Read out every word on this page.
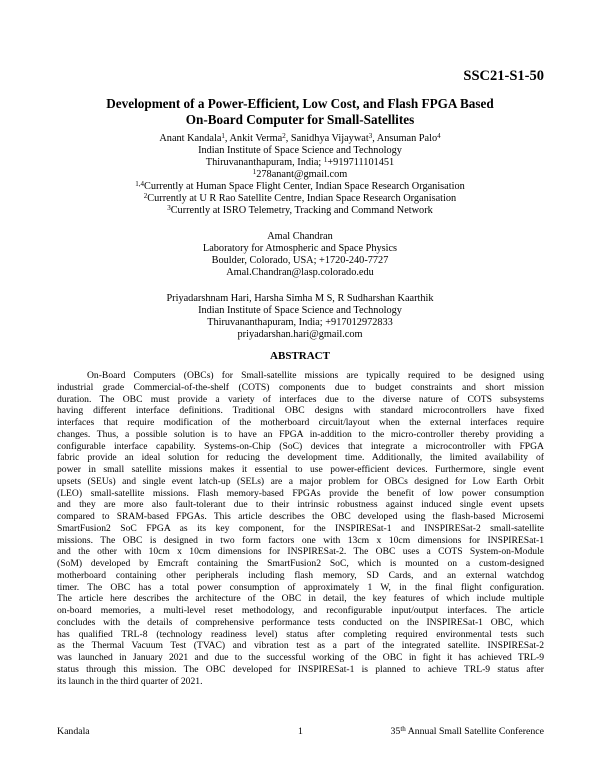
SSC21-S1-50
Development of a Power-Efficient, Low Cost, and Flash FPGA Based
On-Board Computer for Small-Satellites
Anant Kandala$^1$, Ankit Verma$^2$, Sanidhya Vijaywat$^3$, Ansuman Palo$^4$
Indian Institute of Space Science and Technology
Thiruvananthapuram, India; $^1$+919711101451
$^1$278anant@gmail.com
$^{1,4}$Currently at Human Space Flight Center, Indian Space Research Organisation
$^2$Currently at U R Rao Satellite Centre, Indian Space Research Organisation
$^3$Currently at ISRO Telemetry, Tracking and Command Network
Amal Chandran
Laboratory for Atmospheric and Space Physics
Boulder, Colorado, USA; +1720-240-7727
Amal.Chandran@lasp.colorado.edu
Priyadarshnam Hari, Harsha Simha M S, R Sudharshan Kaarthik
Indian Institute of Space Science and Technology
Thiruvananthapuram, India; +917012972833
priyadarshan.hari@gmail.com
ABSTRACT
On-Board Computers (OBCs) for Small-satellite missions are typically required to be designed using
industrial grade Commercial-of-the-shelf (COTS) components due to budget constraints and short mission
duration. The OBC must provide a variety of interfaces due to the diverse nature of COTS subsystems
having different interface definitions. Traditional OBC designs with standard microcontrollers have fixed
interfaces that require modification of the motherboard circuit/layout when the external interfaces require
changes. Thus, a possible solution is to have an FPGA in-addition to the micro-controller thereby providing a
configurable interface capability. Systems-on-Chip (SoC) devices that integrate a microcontroller with FPGA
fabric provide an ideal solution for reducing the development time. Additionally, the limited availability of
power in small satellite missions makes it essential to use power-efficient devices. Furthermore, single event
upsets (SEUs) and single event latch-up (SELs) are a major problem for OBCs designed for Low Earth Orbit
(LEO) small-satellite missions. Flash memory-based FPGAs provide the benefit of low power consumption
and they are more also fault-tolerant due to their intrinsic robustness against induced single event upsets
compared to SRAM-based FPGAs. This article describes the OBC developed using the flash-based Microsemi
SmartFusion2 SoC FPGA as its key component, for the INSPIRESat-1 and INSPIRESat-2 small-satellite
missions. The OBC is designed in two form factors one with 13cm x 10cm dimensions for INSPIRESat-1
and the other with 10cm x 10cm dimensions for INSPIRESat-2. The OBC uses a COTS System-on-Module
(SoM) developed by Emcraft containing the SmartFusion2 SoC, which is mounted on a custom-designed
motherboard containing other peripherals including flash memory, SD Cards, and an external watchdog
timer. The OBC has a total power consumption of approximately 1 W, in the final flight configuration.
The article here describes the architecture of the OBC in detail, the key features of which include multiple
on-board memories, a multi-level reset methodology, and reconfigurable input/output interfaces. The article
concludes with the details of comprehensive performance tests conducted on the INSPIRESat-1 OBC, which
has qualified TRL-8 (technology readiness level) status after completing required environmental tests such
as the Thermal Vacuum Test (TVAC) and vibration test as a part of the integrated satellite. INSPIRESat-2
was launched in January 2021 and due to the successful working of the OBC in fight it has achieved TRL-9
status through this mission. The OBC developed for INSPIRESat-1 is planned to achieve TRL-9 status after
its launch in the third quarter of 2021.
Kandala	1	35th Annual Small Satellite Conference
